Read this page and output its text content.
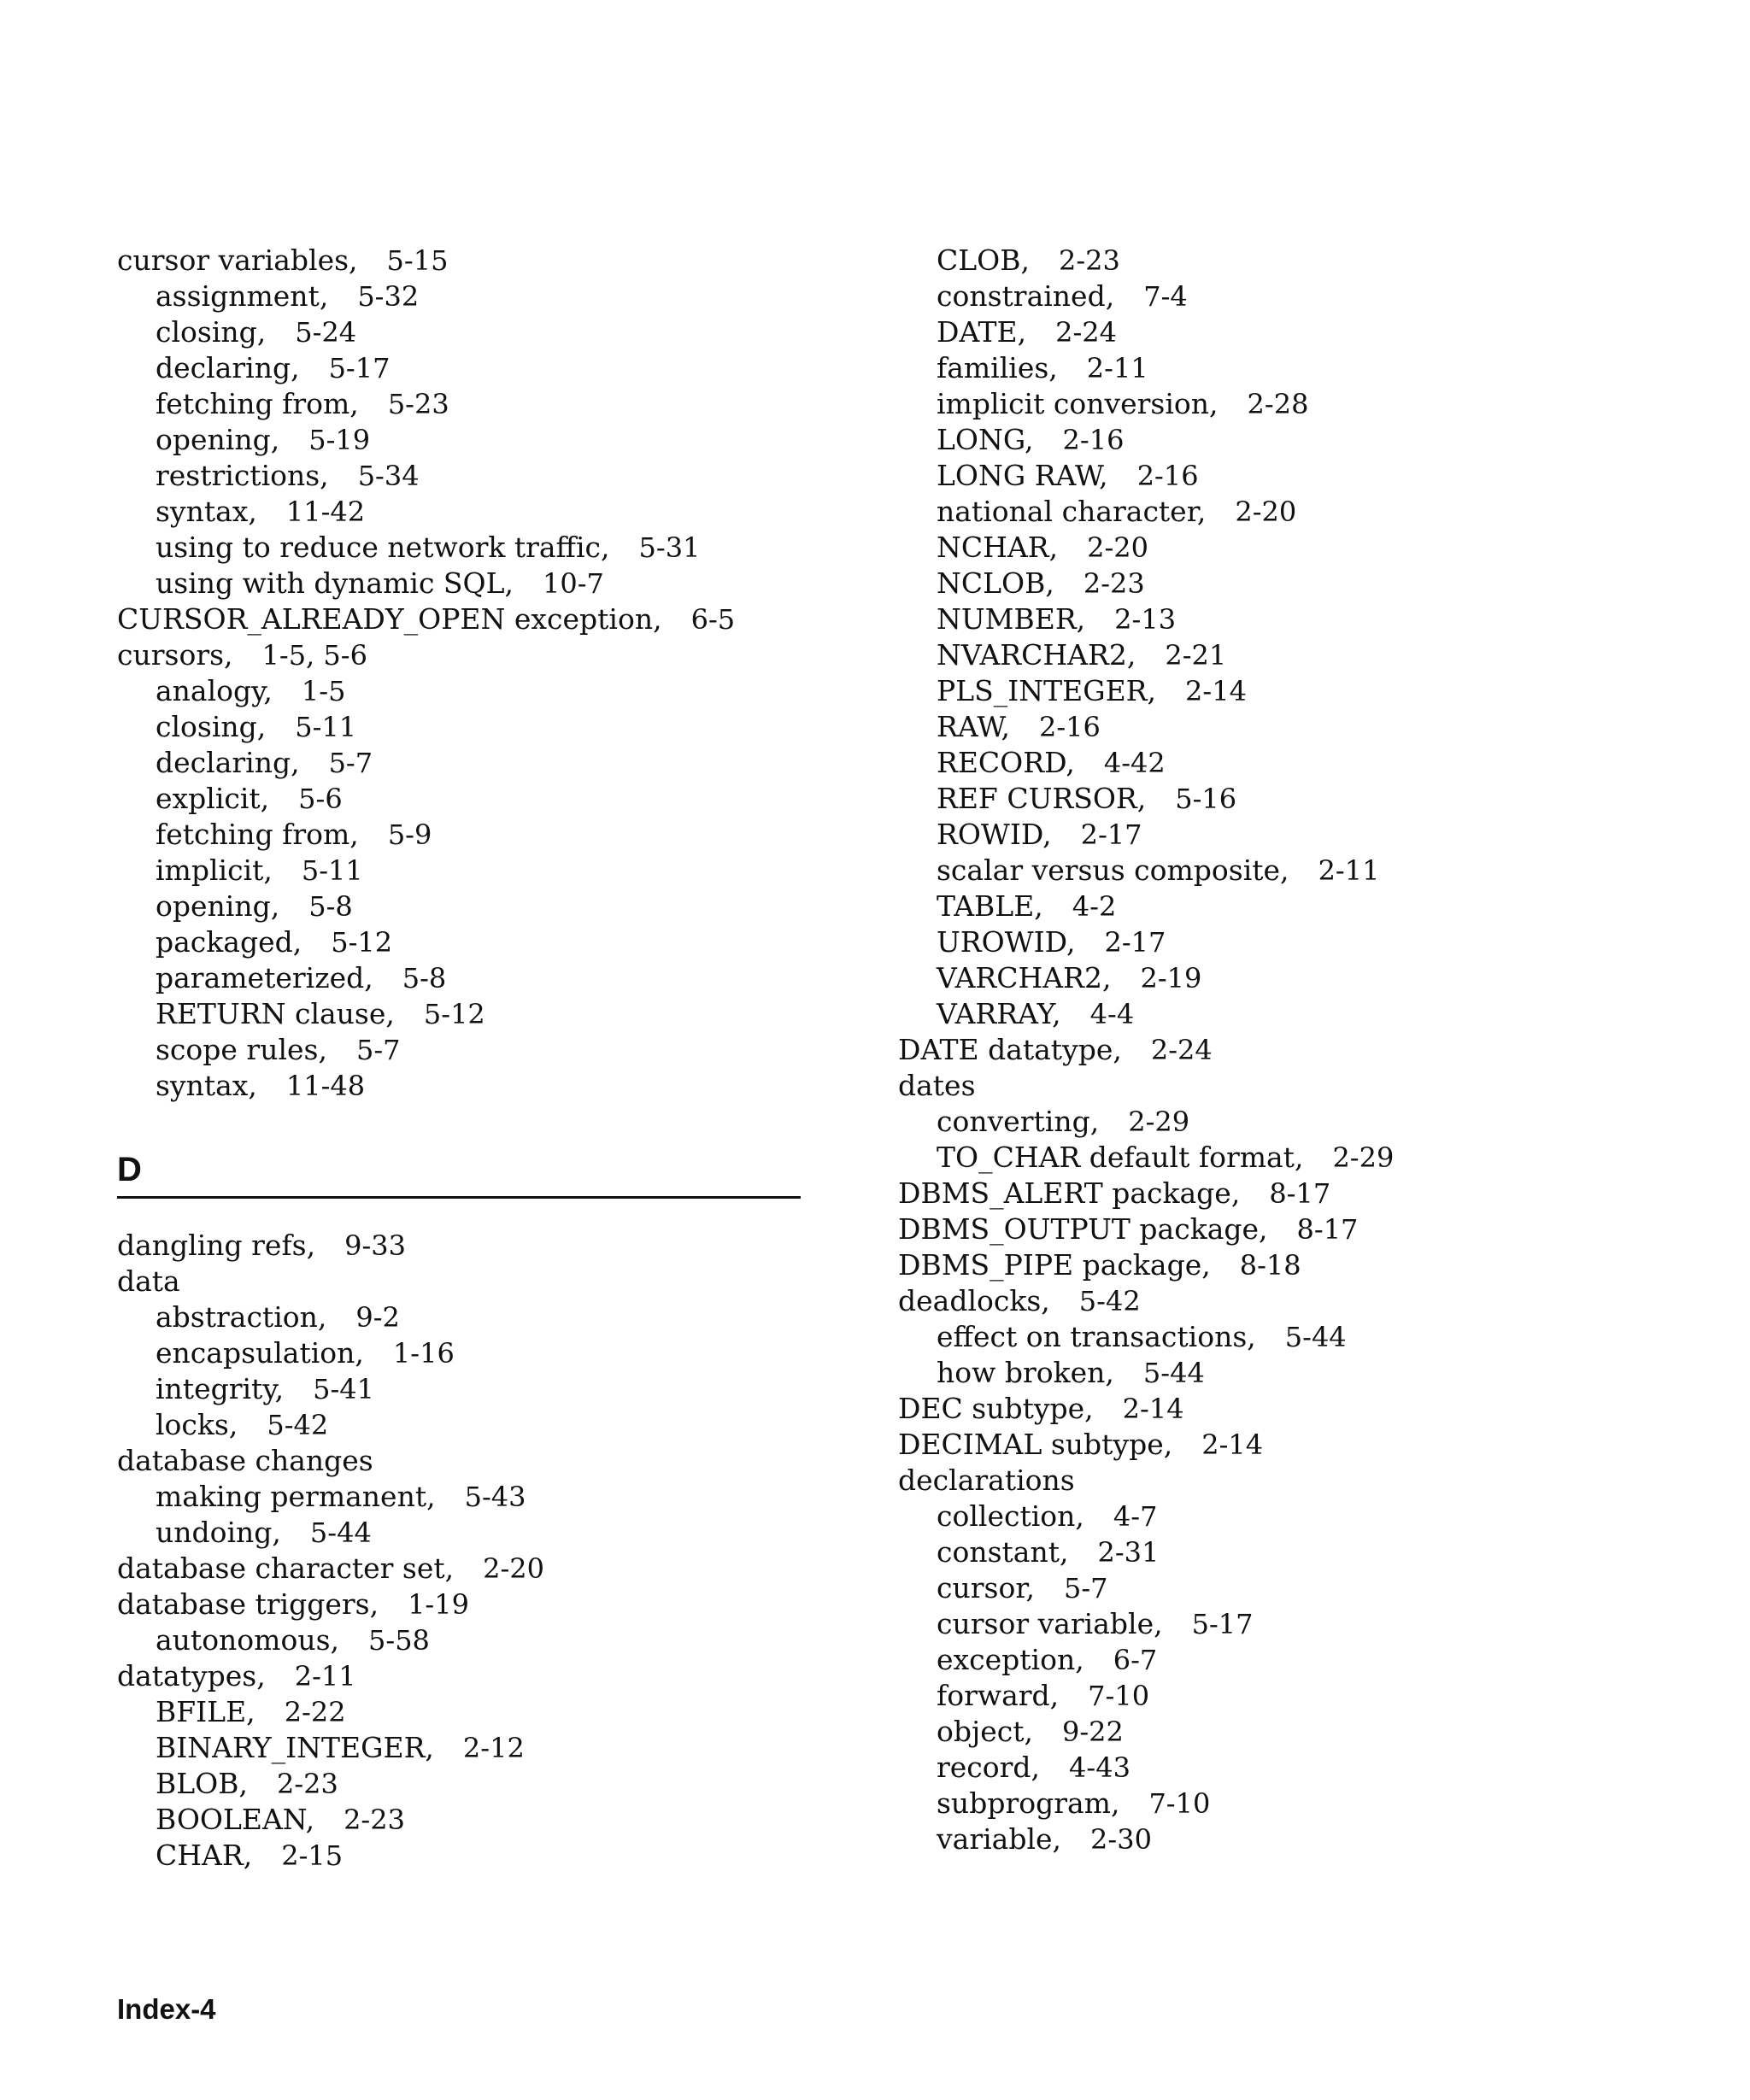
cursor variables, 5-15
assignment, 5-32
closing, 5-24
declaring, 5-17
fetching from, 5-23
opening, 5-19
restrictions, 5-34
syntax, 11-42
using to reduce network traffic, 5-31
using with dynamic SQL, 10-7
CURSOR_ALREADY_OPEN exception, 6-5
cursors, 1-5, 5-6
analogy, 1-5
closing, 5-11
declaring, 5-7
explicit, 5-6
fetching from, 5-9
implicit, 5-11
opening, 5-8
packaged, 5-12
parameterized, 5-8
RETURN clause, 5-12
scope rules, 5-7
syntax, 11-48
D
dangling refs, 9-33
data
abstraction, 9-2
encapsulation, 1-16
integrity, 5-41
locks, 5-42
database changes
making permanent, 5-43
undoing, 5-44
database character set, 2-20
database triggers, 1-19
autonomous, 5-58
datatypes, 2-11
BFILE, 2-22
BINARY_INTEGER, 2-12
BLOB, 2-23
BOOLEAN, 2-23
CHAR, 2-15
CLOB, 2-23
constrained, 7-4
DATE, 2-24
families, 2-11
implicit conversion, 2-28
LONG, 2-16
LONG RAW, 2-16
national character, 2-20
NCHAR, 2-20
NCLOB, 2-23
NUMBER, 2-13
NVARCHAR2, 2-21
PLS_INTEGER, 2-14
RAW, 2-16
RECORD, 4-42
REF CURSOR, 5-16
ROWID, 2-17
scalar versus composite, 2-11
TABLE, 4-2
UROWID, 2-17
VARCHAR2, 2-19
VARRAY, 4-4
DATE datatype, 2-24
dates
converting, 2-29
TO_CHAR default format, 2-29
DBMS_ALERT package, 8-17
DBMS_OUTPUT package, 8-17
DBMS_PIPE package, 8-18
deadlocks, 5-42
effect on transactions, 5-44
how broken, 5-44
DEC subtype, 2-14
DECIMAL subtype, 2-14
declarations
collection, 4-7
constant, 2-31
cursor, 5-7
cursor variable, 5-17
exception, 6-7
forward, 7-10
object, 9-22
record, 4-43
subprogram, 7-10
variable, 2-30
Index-4
